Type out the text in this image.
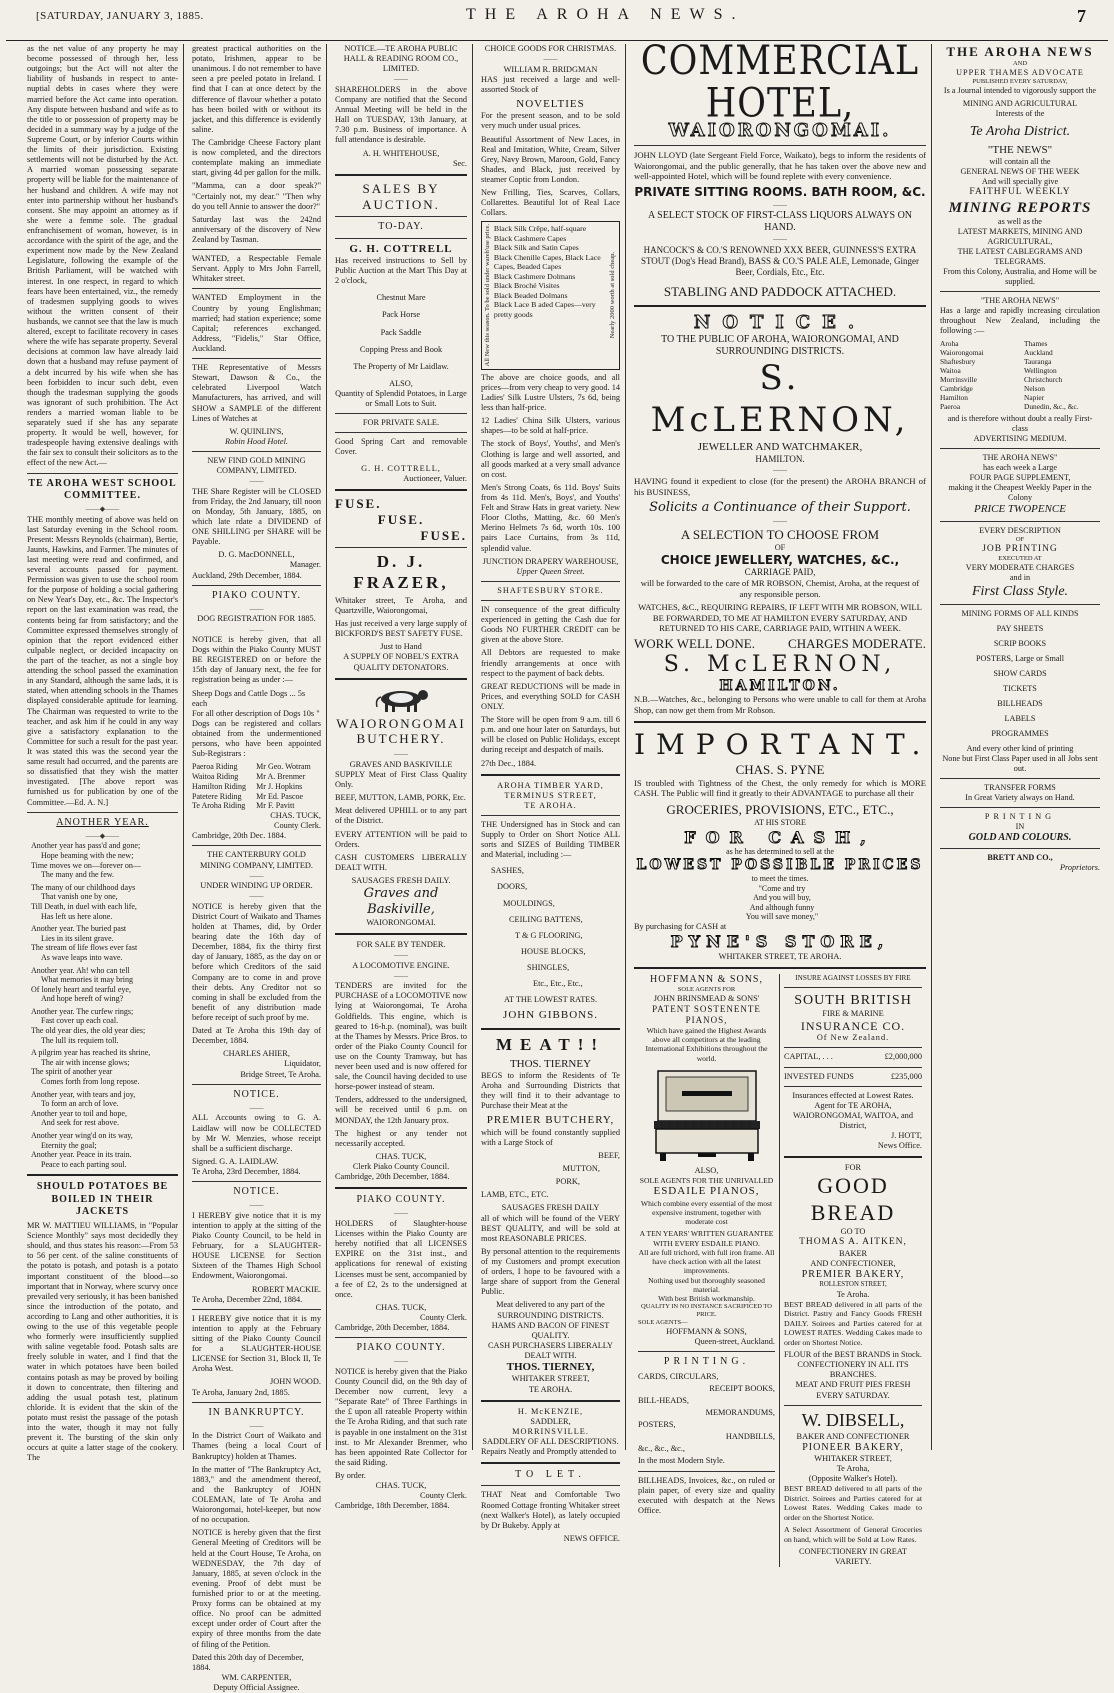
[SATURDAY, JANUARY 3, 1885.	THE AROHA NEWS.	7

as the net value of any property he may become possessed of through her, less outgoings; but the Act will not alter the liability of husbands in respect to ante-nuptial debts in cases where they were married before the Act came into operation. Any dispute between husband and wife as to the title to or possession of property may be decided in a summary way by a judge of the Supreme Court, or by inferior Courts within the limits of their jurisdiction. Existing settlements will not be disturbed by the Act. A married woman possessing separate property will be liable for the maintenance of her husband and children. A wife may not enter into partnership without her husband's consent. She may appoint an attorney as if she were a femme sole. The gradual enfranchisement of woman, however, is in accordance with the spirit of the age, and the experiment now made by the New Zealand Legislature, following the example of the British Parliament, will be watched with interest. In one respect, in regard to which fears have been entertained, viz., the remedy of tradesmen supplying goods to wives without the written consent of their husbands, we cannot see that the law is much altered, except to facilitate recovery in cases where the wife has separate property. Several decisions at common law have already laid down that a husband may refuse payment of a debt incurred by his wife when she has been forbidden to incur such debt, even though the tradesman supplying the goods was ignorant of such prohibition. The Act renders a married woman liable to be separately sued if she has any separate property. It would be well, however, for tradespeople having extensive dealings with the fair sex to consult their solicitors as to the effect of the new Act.—

TE AROHA WEST SCHOOL COMMITTEE.
——◆——

THE monthly meeting of above was held on last Saturday evening in the School room. Present: Messrs Reynolds (chairman), Bertie, Jaunts, Hawkins, and Farmer. The minutes of last meeting were read and confirmed, and several accounts passed for payment. Permission was given to use the school room for the purpose of holding a social gathering on New Year's Day, etc., &c. The Inspector's report on the last examination was read, the contents being far from satisfactory; and the Committee expressed themselves strongly of opinion that the report evidenced either culpable neglect, or decided incapacity on the part of the teacher, as not a single boy attending the school passed the examination in any Standard, although the same lads, it is stated, when attending schools in the Thames displayed considerable aptitude for learning. The Chairman was requested to write to the teacher, and ask him if he could in any way give a satisfactory explanation to the Committee for such a result for the past year. It was stated this was the second year the same result had occurred, and the parents are so dissatisfied that they wish the matter investigated. [The above report was furnished us for publication by one of the Committee.—Ed. A. N.]

ANOTHER YEAR.
——◆——
Another year has pass'd and gone;
Hope beaming with the new;
Time moves we on—forever on—
The many and the few.
The many of our childhood days
That vanish one by one,
Till Death, in duel with each life,
Has left us here alone.
Another year. The buried past
Lies in its silent grave.
The stream of life flows ever fast
As wave leaps into wave.
Another year. Ah! who can tell
What memories it may bring
Of lonely heart and tearful eye,
And hope bereft of wing?
Another year. The curfew rings;
Fast cover up each coal.
The old year dies, the old year dies;
The lull its requiem toll.
A pilgrim year has reached its shrine,
The air with incense glows;
The spirit of another year
Comes forth from long repose.
Another year, with tears and joy,
To form an arch of love.
Another year to toil and hope,
And seek for rest above.
Another year wing'd on its way,
Eternity the goal;
Another year. Peace in its train.
Peace to each parting soul.
SHOULD POTATOES BE BOILED IN THEIR JACKETS

MR W. MATTIEU WILLIAMS, in "Popular Science Monthly" says most decidedly they should, and thus states his reason:—From 53 to 56 per cent. of the saline constituents of the potato is potash, and potash is a potato important constituent of the blood—so important that in Norway, where scurvy once prevailed very seriously, it has been banished since the introduction of the potato, and according to Lang and other authorities, it is owing to the use of this vegetable people who formerly were insufficiently supplied with saline vegetable food. Potash salts are freely soluble in water, and I find that the water in which potatoes have been boiled contains potash as may be proved by boiling it down to concentrate, then filtering and adding the usual potash test, platinum chloride. It is evident that the skin of the potato must resist the passage of the potash into the water, though it may not fully prevent it. The bursting of the skin only occurs at quite a latter stage of the cookery. The

greatest practical authorities on the potato, Irishmen, appear to be unanimous. I do not remember to have seen a pre peeled potato in Ireland. I find that I can at once detect by the difference of flavour whether a potato has been boiled with or without its jacket, and this difference is evidently saline.

The Cambridge Cheese Factory plant is now completed, and the directors contemplate making an immediate start, giving 4d per gallon for the milk.

"Mamma, can a door speak?" "Certainly not, my dear." "Then why do you tell Annie to answer the door?"

Saturday last was the 242nd anniversary of the discovery of New Zealand by Tasman.

WANTED, a Respectable Female Servant. Apply to Mrs John Farrell, Whitaker street.

WANTED Employment in the Country by young Englishman; married; had station experience; some Capital; references exchanged. Address, "Fidelis," Star Office, Auckland.

THE Representative of Messrs Stewart, Dawson & Co., the celebrated Liverpool Watch Manufacturers, has arrived, and will SHOW a SAMPLE of the different Lines of Watches at

W. QUINLIN'S,
Robin Hood Hotel.
NEW FIND GOLD MINING COMPANY, LIMITED.
——

THE Share Register will be CLOSED from Friday, the 2nd January, till noon on Monday, 5th January, 1885, on which late rdate a DIVIDEND of ONE SHILLING per SHARE will be Payable.

D. G. MacDONNELL,
Manager.
Auckland, 29th December, 1884.
PIAKO COUNTY.
——
DOG REGISTRATION FOR 1885.
——

NOTICE is hereby given, that all Dogs within the Piako County MUST BE REGISTERED on or before the 15th day of January next, the fee for registration being as under :—

Sheep Dogs and Cattle Dogs ... 5s each
For all other description of Dogs 10s "

Dogs can be registered and collars obtained from the undermentioned persons, who have been appointed Sub-Registrars :

Paeroa Riding	Mr Geo. Wotram
Waitoa Riding	Mr A. Brenmer
Hamilton Riding	Mr J. Hopkins
Patetere Riding	Mr Ed. Pascoe
Te Aroha Riding	Mr F. Pavitt
CHAS. TUCK,
County Clerk.
Cambridge, 20th Dec. 1884.
THE CANTERBURY GOLD MINING COMPANY, LIMITED.
——
UNDER WINDING UP ORDER.
——

NOTICE is hereby given that the District Court of Waikato and Thames holden at Thames, did, by Order bearing date the 16th day of December, 1884, fix the thirty first day of January, 1885, as the day on or before which Creditors of the said Company are to come in and prove their debts. Any Creditor not so coming in shall be excluded from the benefit of any distribution made before receipt of such proof by me.

Dated at Te Aroha this 19th day of December, 1884.

CHARLES AHIER,
Liquidator,
Bridge Street, Te Aroha.
NOTICE.
——

ALL Accounts owing to G. A. Laidlaw will now be COLLECTED by Mr W. Menzies, whose receipt shall be a sufficient discharge.

Signed. G. A. LAIDLAW.
Te Aroha, 23rd December, 1884.
NOTICE.
——

I HEREBY give notice that it is my intention to apply at the sitting of the Piako County Council, to be held in February, for a SLAUGHTER-HOUSE LICENSE for Section Sixteen of the Thames High School Endowment, Waiorongomai.

ROBERT MACKIE.
Te Aroha, December 22nd, 1884.

I HEREBY give notice that it is my intention to apply at the February sitting of the Piako County Council for a SLAUGHTER-HOUSE LICENSE for Section 31, Block II, Te Aroha West.

JOHN WOOD.
Te Aroha, January 2nd, 1885.
IN BANKRUPTCY.
——

In the District Court of Waikato and Thames (being a local Court of Bankruptcy) holden at Thames.

In the matter of "The Bankruptcy Act, 1883," and the amendment thereof, and the Bankruptcy of JOHN COLEMAN, late of Te Aroha and Waiorongomai, hotel-keeper, but now of no occupation.

NOTICE is hereby given that the first General Meeting of Creditors will be held at the Court House, Te Aroha, on WEDNESDAY, the 7th day of January, 1885, at seven o'clock in the evening. Proof of debt must be furnished prior to or at the meeting. Proxy forms can be obtained at my office. No proof can be admitted except under order of Court after the expiry of three months from the date of filing of the Petition.

Dated this 20th day of December, 1884.
WM. CARPENTER,
Deputy Official Assignee.
NOTICE.—TE AROHA PUBLIC HALL & READING ROOM CO., LIMITED.
——

SHAREHOLDERS in the above Company are notified that the Second Annual Meeting will be held in the Hall on TUESDAY, 13th January, at 7.30 p.m. Business of importance. A full attendance is desirable.

A. H. WHITEHOUSE,
Sec.
SALES BY AUCTION.
TO-DAY.
G. H. COTTRELL

Has received instructions to Sell by Public Auction at the Mart This Day at 2 o'clock,

Chestnut Mare
Pack Horse
Pack Saddle
Copping Press and Book
The Property of Mr Laidlaw.
ALSO,

Quantity of Splendid Potatoes, in Large or Small Lots to Suit.

FOR PRIVATE SALE.

Good Spring Cart and removable Cover.

G. H. COTTRELL,
Auctioneer, Valuer.
FUSE.
FUSE.
FUSE.
D. J. FRAZER,

Whitaker street, Te Aroha, and Quartzville, Waiorongomai,

Has just received a very large supply of BICKFORD'S BEST SAFETY FUSE.

Just to Hand
A SUPPLY OF NOBEL'S EXTRA QUALITY DETONATORS.
WAIORONGOMAI BUTCHERY.
——
GRAVES AND BASKIVILLE

SUPPLY Meat of First Class Quality Only.

BEEF, MUTTON, LAMB, PORK, Etc.

Meat delivered UPHILL or to any part of the District.

EVERY ATTENTION will be paid to Orders.

CASH CUSTOMERS LIBERALLY DEALT WITH.

SAUSAGES FRESH DAILY.
Graves and Baskiville,
WAIORONGOMAI.
FOR SALE BY TENDER.
——
A LOCOMOTIVE ENGINE.
——

TENDERS are invited for the PURCHASE of a LOCOMOTIVE now lying at Waiorongomai, Te Aroha Goldfields. This engine, which is geared to 16-h.p. (nominal), was built at the Thames by Messrs. Price Bros. to order of the Piako County Council for use on the County Tramway, but has never been used and is now offered for sale, the Council having decided to use horse-power instead of steam.

Tenders, addressed to the undersigned, will be received until 6 p.m. on MONDAY, the 12th January prox.

The highest or any tender not necessarily accepted.

CHAS. TUCK,
Clerk Piako County Council.
Cambridge, 20th December, 1884.
PIAKO COUNTY.
——

HOLDERS of Slaughter-house Licenses within the Piako County are hereby notified that all LICENSES EXPIRE on the 31st inst., and applications for renewal of existing Licenses must be sent, accompanied by a fee of £2, 2s to the undersigned at once.

CHAS. TUCK,
County Clerk.
Cambridge, 20th December, 1884.
PIAKO COUNTY.
——

NOTICE is hereby given that the Piako County Council did, on the 9th day of December now current, levy a "Separate Rate" of Three Farthings in the £ upon all rateable Property within the Te Aroha Riding, and that such rate is payable in one instalment on the 31st inst. to Mr Alexander Brenmer, who has been appointed Rate Collector for the said Riding.

By order.
CHAS. TUCK,
County Clerk.
Cambridge, 18th December, 1884.
CHOICE GOODS FOR CHRISTMAS.
——
WILLIAM R. BRIDGMAN

HAS just received a large and well-assorted Stock of

NOVELTIES

For the present season, and to be sold very much under usual prices.

Beautiful Assortment of New Laces, in Real and Imitation, White, Cream, Silver Grey, Navy Brown, Maroon, Gold, Fancy Shades, and Black, just received by steamer Coptic from London.

New Frilling, Ties, Scarves, Collars, Collarettes. Beautiful lot of Real Lace Collars.

All New this season. To be sold under wareh'use price. Black Silk Crêpe, half-square
Black Cashmere Capes
Black Silk and Satin Capes
Black Chenille Capes, Black Lace Capes, Beaded Capes
Black Cashmere Dolmans
Black Broché Visites
Black Beaded Dolmans
Black Lace B aded Capes—very pretty goods	Nearly 2000 worth at sold cheap.

The above are choice goods, and all prices—from very cheap to very good. 14 Ladies' Silk Lustre Ulsters, 7s 6d, being less than half-price.

12 Ladies' China Silk Ulsters, various shapes—to be sold at half-price.

The stock of Boys', Youths', and Men's Clothing is large and well assorted, and all goods marked at a very small advance on cost.

Men's Strong Coats, 6s 11d. Boys' Suits from 4s 11d. Men's, Boys', and Youths' Felt and Straw Hats in great variety. New Floor Cloths, Matting, &c. 60 Men's Merino Helmets 7s 6d, worth 10s. 100 pairs Lace Curtains, from 3s 11d, splendid value.

JUNCTION DRAPERY WAREHOUSE,
Upper Queen Street.
SHAFTESBURY STORE.

IN consequence of the great difficulty experienced in getting the Cash due for Goods NO FURTHER CREDIT can be given at the above Store.

All Debtors are requested to make friendly arrangements at once with respect to the payment of back debts.

GREAT REDUCTIONS will be made in Prices, and everything SOLD for CASH ONLY.

The Store will be open from 9 a.m. till 6 p.m. and one hour later on Saturdays, but will be closed on Public Holidays, except during receipt and despatch of mails.

27th Dec., 1884.
AROHA TIMBER YARD,
TERMINUS STREET,
TE AROHA.

THE Undersigned has in Stock and can Supply to Order on Short Notice ALL sorts and SIZES of Building TIMBER and Material, including :—

SASHES,
DOORS,
MOULDINGS,
CEILING BATTENS,
T & G FLOORING,
HOUSE BLOCKS,
SHINGLES,
Etc., Etc., Etc.,
AT THE LOWEST RATES.
JOHN GIBBONS.
MEAT!!
THOS. TIERNEY

BEGS to inform the Residents of Te Aroha and Surrounding Districts that they will find it to their advantage to Purchase their Meat at the

PREMIER BUTCHERY,

which will be found constantly supplied with a Large Stock of

BEEF,
MUTTON,
PORK,
LAMB, ETC., ETC.
SAUSAGES FRESH DAILY

all of which will be found of the VERY BEST QUALITY, and will be sold at most REASONABLE PRICES.

By personal attention to the requirements of my Customers and prompt execution of orders, I hope to be favoured with a large share of support from the General Public.

Meat delivered to any part of the SURROUNDING DISTRICTS.
HAMS AND BACON OF FINEST QUALITY.
CASH PURCHASERS LIBERALLY DEALT WITH.
THOS. TIERNEY,
WHITAKER STREET,
TE AROHA.
H. McKENZIE,
SADDLER,
MORRINSVILLE.
SADDLERY OF ALL DESCRIPTIONS.
Repairs Neatly and Promptly attended to
TO LET.

THAT Neat and Comfortable Two Roomed Cottage fronting Whitaker street (next Walker's Hotel), as lately occupied by Dr Bukeby. Apply at

NEWS OFFICE.
COMMERCIAL HOTEL,
WAIORONGOMAI.

JOHN LLOYD (late Sergeant Field Force, Waikato), begs to inform the residents of Waiorongomai, and the public generally, that he has taken over the above new and well-appointed Hotel, which will be found replete with every convenience.

PRIVATE SITTING ROOMS. BATH ROOM, &C.
——
A SELECT STOCK OF FIRST-CLASS LIQUORS ALWAYS ON HAND.
——
HANCOCK'S & CO.'S RENOWNED XXX BEER, GUINNESS'S EXTRA STOUT (Dog's Head Brand), BASS & CO.'S PALE ALE, Lemonade, Ginger Beer, Cordials, Etc., Etc.
STABLING AND PADDOCK ATTACHED.
NOTICE.
TO THE PUBLIC OF AROHA, WAIORONGOMAI, AND SURROUNDING DISTRICTS.
S. McLERNON,
JEWELLER AND WATCHMAKER,
HAMILTON.
——

HAVING found it expedient to close (for the present) the AROHA BRANCH of his BUSINESS,

Solicits a Continuance of their Support.
——
A SELECTION TO CHOOSE FROM
OF
CHOICE JEWELLERY, WATCHES, &C.,
CARRIAGE PAID,
will be forwarded to the care of MR ROBSON, Chemist, Aroha, at the request of any responsible person.
WATCHES, &C., REQUIRING REPAIRS, IF LEFT WITH MR ROBSON, WILL BE FORWARDED, TO ME AT HAMILTON EVERY SATURDAY, AND RETURNED TO HIS CARE, CARRIAGE PAID, WITHIN A WEEK.
WORK WELL DONE.	CHARGES MODERATE.
S. McLERNON,
HAMILTON.

N.B.—Watches, &c., belonging to Persons who were unable to call for them at Aroha Shop, can now get them from Mr Robson.

IMPORTANT.
CHAS. S. PYNE

IS troubled with Tightness of the Chest, the only remedy for which is MORE CASH. The Public will find it greatly to their ADVANTAGE to purchase all their

GROCERIES, PROVISIONS, ETC., ETC.,
AT HIS STORE
FOR CASH,
as he has determined to sell at the
LOWEST POSSIBLE PRICES
to meet the times.
"Come and try
And you will buy,
And although funny
You will save money,"
By purchasing for CASH at
PYNE'S STORE,
WHITAKER STREET, TE AROHA.
HOFFMANN & SONS,
SOLE AGENTS FOR
JOHN BRINSMEAD & SONS'
PATENT SOSTENENTE PIANOS,
Which have gained the Highest Awards above all competitors at the leading International Exhibitions throughout the world.
ALSO,
SOLE AGENTS FOR THE UNRIVALLED
ESDAILE PIANOS,
Which combine every essential of the most expensive instrument, together with moderate cost
A TEN YEARS' WRITTEN GUARANTEE WITH EVERY ESDAILE PIANO.
All are full trichord, with full iron frame. All have check action with all the latest improvements.
Nothing used but thoroughly seasoned material.
With best British workmanship.
QUALITY IN NO INSTANCE SACRIFICED TO PRICE.
SOLE AGENTS—
HOFFMANN & SONS,
Queen-street, Auckland.
PRINTING.
CARDS, CIRCULARS,
RECEIPT BOOKS,
BILL-HEADS,
MEMORANDUMS,
POSTERS,
HANDBILLS,
&c., &c., &c.,
In the most Modern Style.

BILLHEADS, Invoices, &c., on ruled or plain paper, of every size and quality executed with despatch at the News Office.

INSURE AGAINST LOSSES BY FIRE
SOUTH BRITISH
FIRE & MARINE
INSURANCE CO.
Of New Zealand.
CAPITAL, . . .	£2,000,000
INVESTED FUNDS	£235,000
Insurances effected at Lowest Rates.
Agent for TE AROHA, WAIORONGOMAI, WAITOA, and District,
J. HOTT,
News Office.
FOR
GOOD BREAD
GO TO
THOMAS A. AITKEN,
BAKER
AND CONFECTIONER,
PREMIER BAKERY,
ROLLESTON STREET,
Te Aroha.

BEST BREAD delivered in all parts of the District. Pastry and Fancy Goods FRESH DAILY. Soirees and Parties catered for at LOWEST RATES. Wedding Cakes made to order on Shortest Notice.

FLOUR of the BEST BRANDS in Stock.
CONFECTIONERY IN ALL ITS BRANCHES.
MEAT AND FRUIT PIES FRESH EVERY SATURDAY.
W. DIBSELL,
BAKER AND CONFECTIONER
PIONEER BAKERY,
WHITAKER STREET,
Te Aroha,
(Opposite Walker's Hotel).

BEST BREAD delivered to all parts of the District. Soirees and Parties catered for at Lowest Rates. Wedding Cakes made to order on the Shortest Notice.

A Select Assortment of General Groceries on hand, which will be Sold at Low Rates.

CONFECTIONERY IN GREAT VARIETY.
THE AROHA NEWS
AND
UPPER THAMES ADVOCATE
PUBLISHED EVERY SATURDAY,
Is a Journal intended to vigorously support the
MINING AND AGRICULTURAL
Interests of the
Te Aroha District.
"THE NEWS"
will contain all the
GENERAL NEWS OF THE WEEK
And will specially give
FAITHFUL WEEKLY
MINING REPORTS
as well as the
LATEST MARKETS, MINING AND
AGRICULTURAL,
THE LATEST CABLEGRAMS AND
TELEGRAMS.
From this Colony, Australia, and Home will be supplied.
"THE AROHA NEWS"
Has a large and rapidly increasing circulation throughout New Zealand, including the following :—
Aroha
Waiorongomai
Shaftesbury
Waitoa
Morrinsville
Cambridge
Hamilton
Paeroa
Thames
Auckland
Tauranga
Wellington
Christchurch
Nelson
Napier
Dunedin, &c., &c.
and is therefore without doubt a really First-class
ADVERTISING MEDIUM.
THE AROHA NEWS"
has each week a Large
FOUR PAGE SUPPLEMENT,
making it the Cheapest Weekly Paper in the Colony
PRICE TWOPENCE
EVERY DESCRIPTION
OF
JOB PRINTING
EXECUTED AT
VERY MODERATE CHARGES
and in
First Class Style.
MINING FORMS OF ALL KINDS
PAY SHEETS
SCRIP BOOKS
POSTERS, Large or Small
SHOW CARDS
TICKETS
BILLHEADS
LABELS
PROGRAMMES
And every other kind of printing
None but First Class Paper used in all Jobs sent out.
TRANSFER FORMS
In Great Variety always on Hand.
PRINTING
IN
GOLD AND COLOURS.
BRETT AND CO.,
Proprietors.
